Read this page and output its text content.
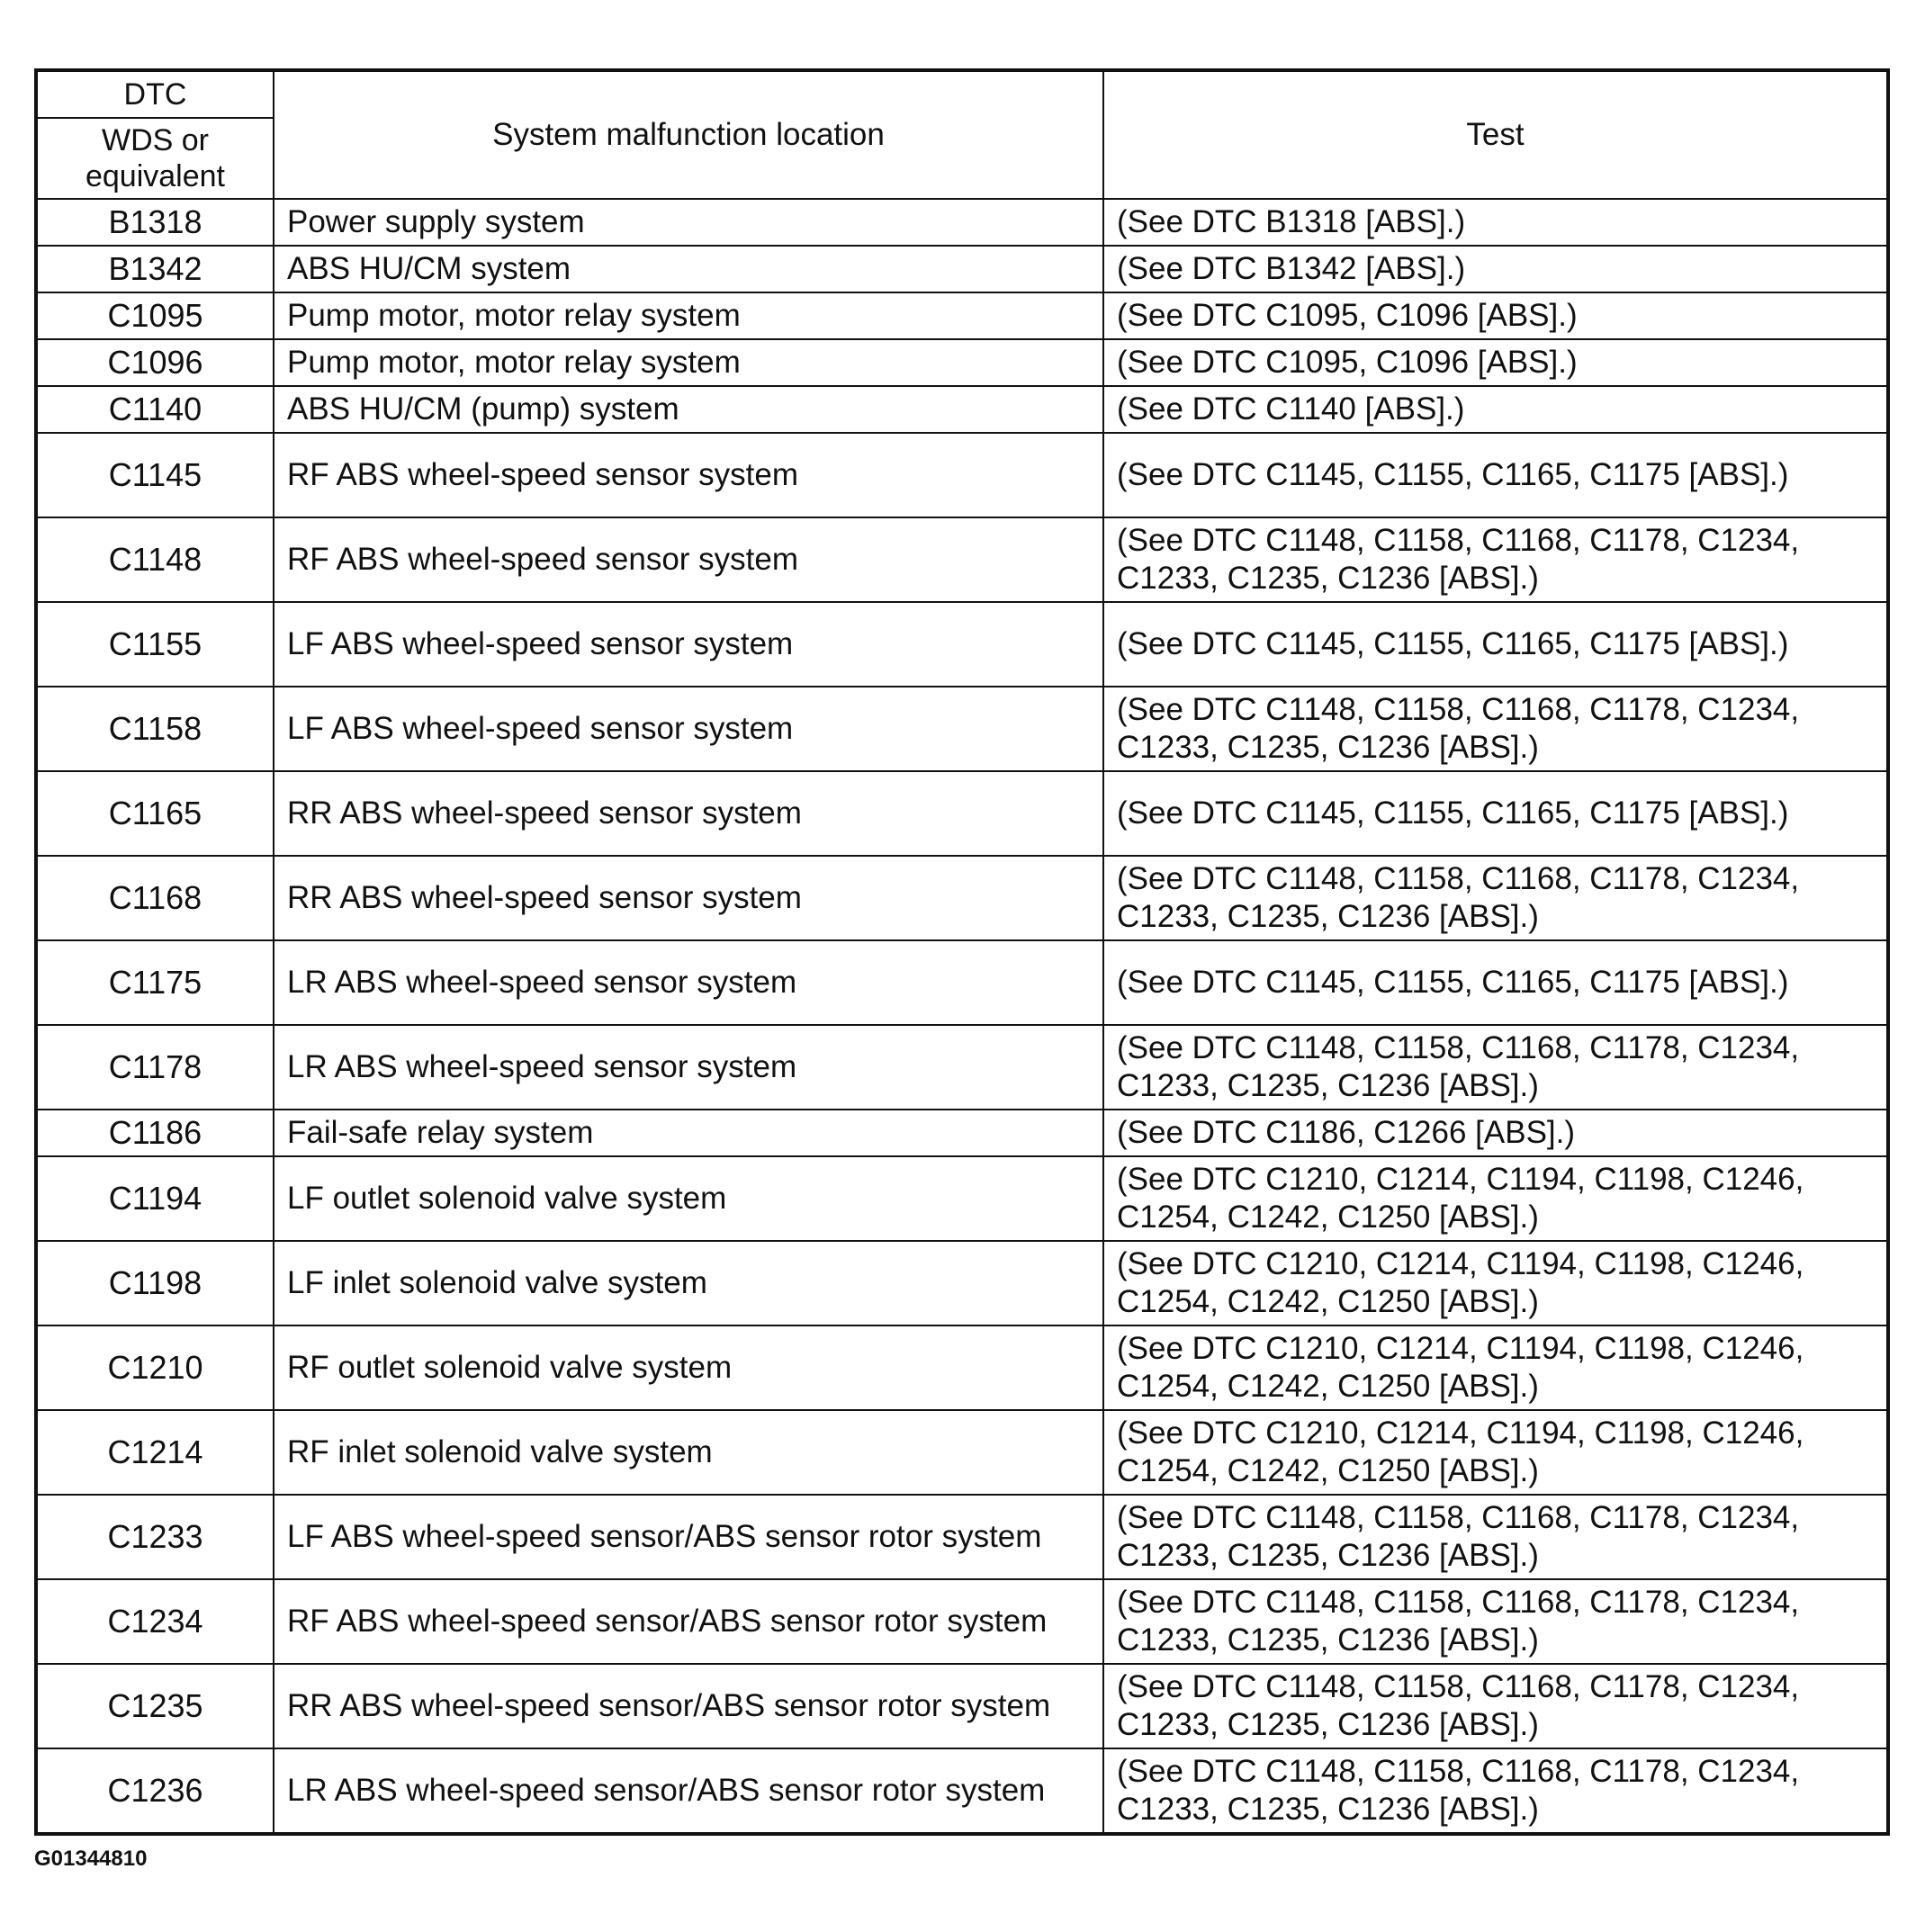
DTC	System malfunction location	Test
WDS or equivalent		
B1318	Power supply system	(See DTC B1318 [ABS].)
B1342	ABS HU/CM system	(See DTC B1342 [ABS].)
C1095	Pump motor, motor relay system	(See DTC C1095, C1096 [ABS].)
C1096	Pump motor, motor relay system	(See DTC C1095, C1096 [ABS].)
C1140	ABS HU/CM (pump) system	(See DTC C1140 [ABS].)
C1145	RF ABS wheel-speed sensor system	(See DTC C1145, C1155, C1165, C1175 [ABS].)
C1148	RF ABS wheel-speed sensor system	(See DTC C1148, C1158, C1168, C1178, C1234, C1233, C1235, C1236 [ABS].)
C1155	LF ABS wheel-speed sensor system	(See DTC C1145, C1155, C1165, C1175 [ABS].)
C1158	LF ABS wheel-speed sensor system	(See DTC C1148, C1158, C1168, C1178, C1234, C1233, C1235, C1236 [ABS].)
C1165	RR ABS wheel-speed sensor system	(See DTC C1145, C1155, C1165, C1175 [ABS].)
C1168	RR ABS wheel-speed sensor system	(See DTC C1148, C1158, C1168, C1178, C1234, C1233, C1235, C1236 [ABS].)
C1175	LR ABS wheel-speed sensor system	(See DTC C1145, C1155, C1165, C1175 [ABS].)
C1178	LR ABS wheel-speed sensor system	(See DTC C1148, C1158, C1168, C1178, C1234, C1233, C1235, C1236 [ABS].)
C1186	Fail-safe relay system	(See DTC C1186, C1266 [ABS].)
C1194	LF outlet solenoid valve system	(See DTC C1210, C1214, C1194, C1198, C1246, C1254, C1242, C1250 [ABS].)
C1198	LF inlet solenoid valve system	(See DTC C1210, C1214, C1194, C1198, C1246, C1254, C1242, C1250 [ABS].)
C1210	RF outlet solenoid valve system	(See DTC C1210, C1214, C1194, C1198, C1246, C1254, C1242, C1250 [ABS].)
C1214	RF inlet solenoid valve system	(See DTC C1210, C1214, C1194, C1198, C1246, C1254, C1242, C1250 [ABS].)
C1233	LF ABS wheel-speed sensor/ABS sensor rotor system	(See DTC C1148, C1158, C1168, C1178, C1234, C1233, C1235, C1236 [ABS].)
C1234	RF ABS wheel-speed sensor/ABS sensor rotor system	(See DTC C1148, C1158, C1168, C1178, C1234, C1233, C1235, C1236 [ABS].)
C1235	RR ABS wheel-speed sensor/ABS sensor rotor system	(See DTC C1148, C1158, C1168, C1178, C1234, C1233, C1235, C1236 [ABS].)
C1236	LR ABS wheel-speed sensor/ABS sensor rotor system	(See DTC C1148, C1158, C1168, C1178, C1234, C1233, C1235, C1236 [ABS].)
G01344810
